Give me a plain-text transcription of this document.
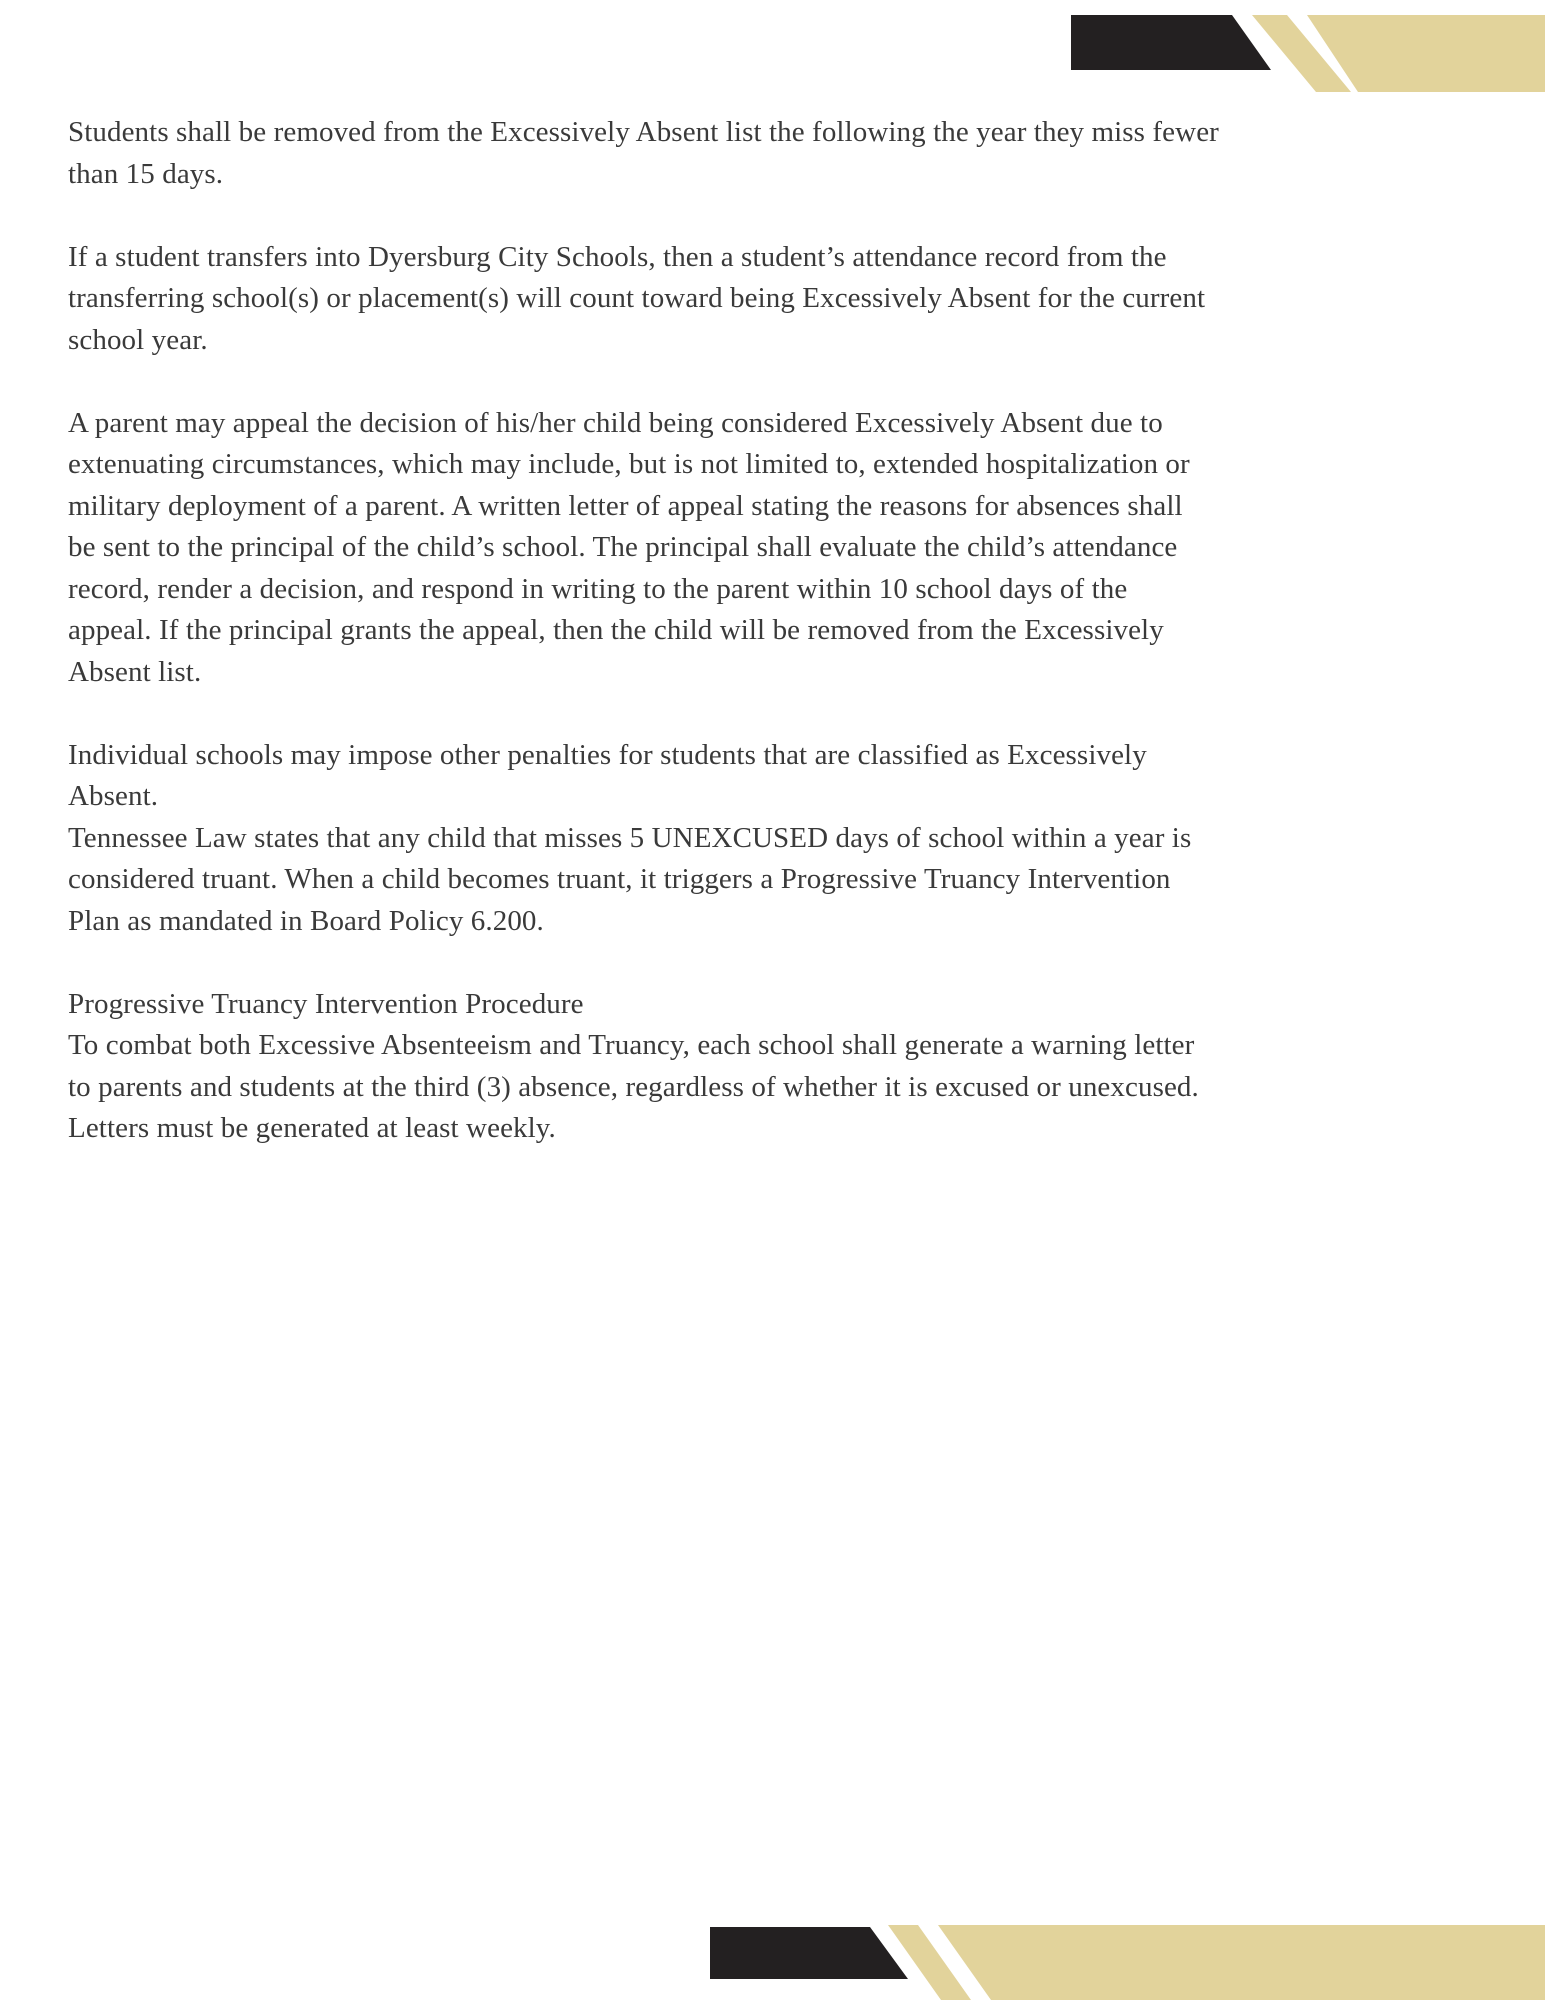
Students shall be removed from the Excessively Absent list the following the year they miss fewer
than 15 days.
If a student transfers into Dyersburg City Schools, then a student’s attendance record from the
transferring school(s) or placement(s) will count toward being Excessively Absent for the current
school year.
A parent may appeal the decision of his/her child being considered Excessively Absent due to
extenuating circumstances, which may include, but is not limited to, extended hospitalization or
military deployment of a parent. A written letter of appeal stating the reasons for absences shall
be sent to the principal of the child’s school. The principal shall evaluate the child’s attendance
record, render a decision, and respond in writing to the parent within 10 school days of the
appeal. If the principal grants the appeal, then the child will be removed from the Excessively
Absent list.
Individual schools may impose other penalties for students that are classified as Excessively
Absent.
Tennessee Law states that any child that misses 5 UNEXCUSED days of school within a year is
considered truant. When a child becomes truant, it triggers a Progressive Truancy Intervention
Plan as mandated in Board Policy 6.200.
Progressive Truancy Intervention Procedure
To combat both Excessive Absenteeism and Truancy, each school shall generate a warning letter
to parents and students at the third (3) absence, regardless of whether it is excused or unexcused.
Letters must be generated at least weekly.
